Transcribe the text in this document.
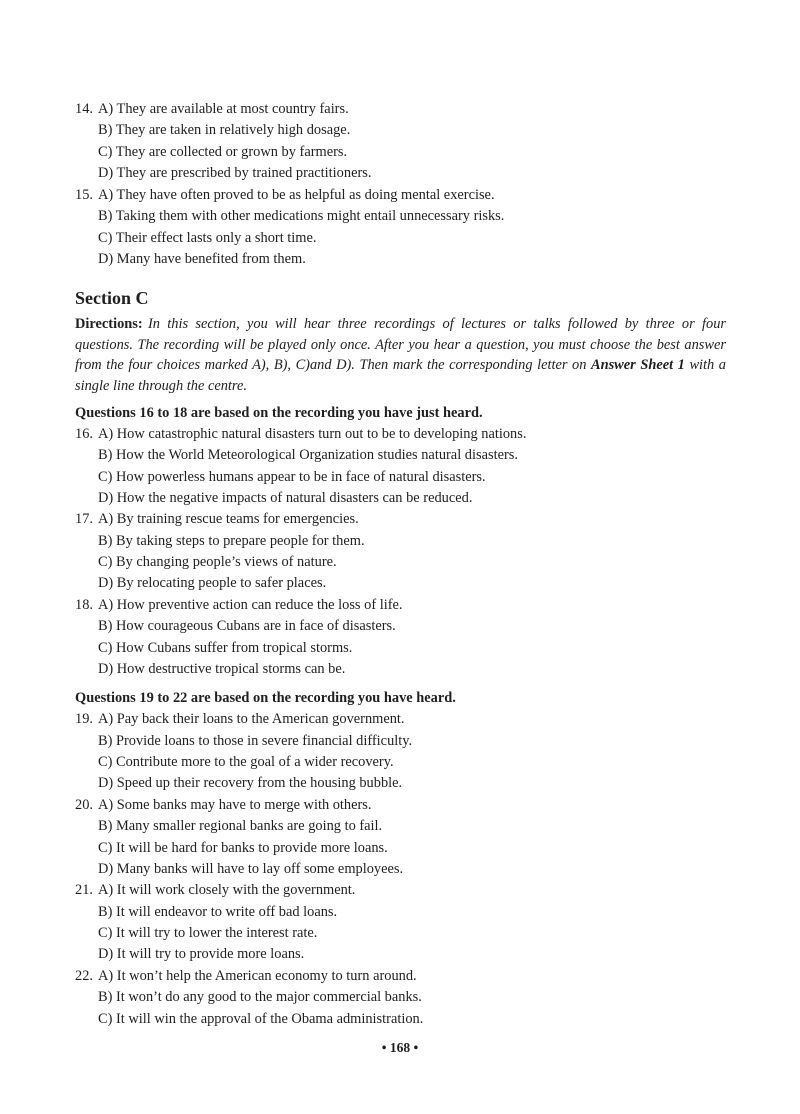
14. A) They are available at most country fairs.
B) They are taken in relatively high dosage.
C) They are collected or grown by farmers.
D) They are prescribed by trained practitioners.
15. A) They have often proved to be as helpful as doing mental exercise.
B) Taking them with other medications might entail unnecessary risks.
C) Their effect lasts only a short time.
D) Many have benefited from them.
Section C
Directions: In this section, you will hear three recordings of lectures or talks followed by three or four questions. The recording will be played only once. After you hear a question, you must choose the best answer from the four choices marked A), B), C)and D). Then mark the corresponding letter on Answer Sheet 1 with a single line through the centre.
Questions 16 to 18 are based on the recording you have just heard.
16. A) How catastrophic natural disasters turn out to be to developing nations.
B) How the World Meteorological Organization studies natural disasters.
C) How powerless humans appear to be in face of natural disasters.
D) How the negative impacts of natural disasters can be reduced.
17. A) By training rescue teams for emergencies.
B) By taking steps to prepare people for them.
C) By changing people’s views of nature.
D) By relocating people to safer places.
18. A) How preventive action can reduce the loss of life.
B) How courageous Cubans are in face of disasters.
C) How Cubans suffer from tropical storms.
D) How destructive tropical storms can be.
Questions 19 to 22 are based on the recording you have heard.
19. A) Pay back their loans to the American government.
B) Provide loans to those in severe financial difficulty.
C) Contribute more to the goal of a wider recovery.
D) Speed up their recovery from the housing bubble.
20. A) Some banks may have to merge with others.
B) Many smaller regional banks are going to fail.
C) It will be hard for banks to provide more loans.
D) Many banks will have to lay off some employees.
21. A) It will work closely with the government.
B) It will endeavor to write off bad loans.
C) It will try to lower the interest rate.
D) It will try to provide more loans.
22. A) It won’t help the American economy to turn around.
B) It won’t do any good to the major commercial banks.
C) It will win the approval of the Obama administration.
• 168 •
